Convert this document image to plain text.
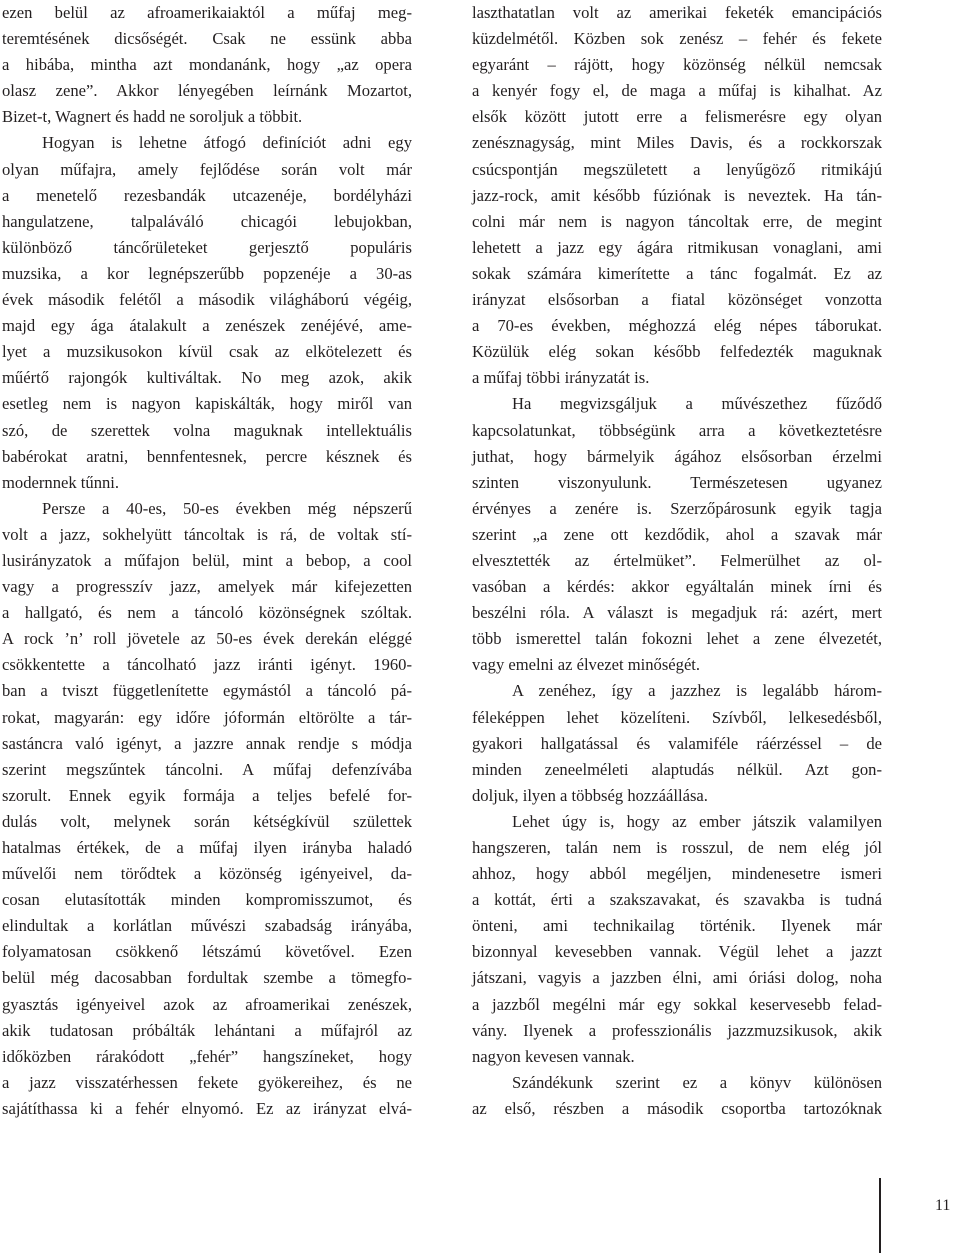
ezen belül az afroamerikaiaktól a műfaj meg-
teremtésének dicsőségét. Csak ne essünk abba
a hibába, mintha azt mondanánk, hogy „az opera
olasz zene”. Akkor lényegében leírnánk Mozartot,
Bizet-t, Wagnert és hadd ne soroljuk a többit.
Hogyan is lehetne átfogó definíciót adni egy
olyan műfajra, amely fejlődése során volt már
a menetelő rezesbandák utcazenéje, bordélyházi
hangulatzene, talpaláváló chicagói lebujokban,
különböző táncőrületeket gerjesztő populáris
muzsika, a kor legnépszerűbb popzenéje a 30-as
évek második felétől a második világháború végéig,
majd egy ága átalakult a zenészek zenéjévé, ame-
lyet a muzsikusokon kívül csak az elkötelezett és
műértő rajongók kultiváltak. No meg azok, akik
esetleg nem is nagyon kapiskálták, hogy miről van
szó, de szerettek volna maguknak intellektuális
babérokat aratni, bennfentesnek, percre késznek és
modernnek tűnni.
Persze a 40-es, 50-es években még népszerű
volt a jazz, sokhelyütt táncoltak is rá, de voltak stí-
lusirányzatok a műfajon belül, mint a bebop, a cool
vagy a progresszív jazz, amelyek már kifejezetten
a hallgató, és nem a táncoló közönségnek szóltak.
A rock ’n’ roll jövetele az 50-es évek derekán eléggé
csökkentette a táncolható jazz iránti igényt. 1960-
ban a tviszt függetlenítette egymástól a táncoló pá-
rokat, magyarán: egy időre jóformán eltörölte a tár-
sastáncra való igényt, a jazzre annak rendje s módja
szerint megszűntek táncolni. A műfaj defenzívába
szorult. Ennek egyik formája a teljes befelé for-
dulás volt, melynek során kétségkívül születtek
hatalmas értékek, de a műfaj ilyen irányba haladó
művelői nem törődtek a közönség igényeivel, da-
cosan elutasították minden kompromisszumot, és
elindultak a korlátlan művészi szabadság irányába,
folyamatosan csökkenő létszámú követővel. Ezen
belül még dacosabban fordultak szembe a tömegfo-
gyasztás igényeivel azok az afroamerikai zenészek,
akik tudatosan próbálták lehántani a műfajról az
időközben rárakódott „fehér” hangszíneket, hogy
a jazz visszatérhessen fekete gyökereihez, és ne
sajátíthassa ki a fehér elnyomó. Ez az irányzat elvá-
laszthatatlan volt az amerikai feketék emancipációs
küzdelmétől. Közben sok zenész – fehér és fekete
egyaránt – rájött, hogy közönség nélkül nemcsak
a kenyér fogy el, de maga a műfaj is kihalhat. Az
elsők között jutott erre a felismerésre egy olyan
zenésznagyság, mint Miles Davis, és a rockkorszak
csúcspontján megszületett a lenyűgöző ritmikájú
jazz-rock, amit később fúziónak is neveztek. Ha tán-
colni már nem is nagyon táncoltak erre, de megint
lehetett a jazz egy ágára ritmikusan vonaglani, ami
sokak számára kimerítette a tánc fogalmát. Ez az
irányzat elsősorban a fiatal közönséget vonzotta
a 70-es években, méghozzá elég népes táborukat.
Közülük elég sokan később felfedezték maguknak
a műfaj többi irányzatát is.
Ha megvizsgáljuk a művészethez fűződő
kapcsolatunkat, többségünk arra a következtetésre
juthat, hogy bármelyik ágához elsősorban érzelmi
szinten viszonyulunk. Természetesen ugyanez
érvényes a zenére is. Szerzőpárosunk egyik tagja
szerint „a zene ott kezdődik, ahol a szavak már
elvesztették az értelmüket”. Felmerülhet az ol-
vasóban a kérdés: akkor egyáltalán minek írni és
beszélni róla. A választ is megadjuk rá: azért, mert
több ismerettel talán fokozni lehet a zene élvezetét,
vagy emelni az élvezet minőségét.
A zenéhez, így a jazzhez is legalább három-
féleképpen lehet közelíteni. Szívből, lelkesedésből,
gyakori hallgatással és valamiféle ráérzéssel – de
minden zeneelméleti alaptudás nélkül. Azt gon-
doljuk, ilyen a többség hozzáállása.
Lehet úgy is, hogy az ember játszik valamilyen
hangszeren, talán nem is rosszul, de nem elég jól
ahhoz, hogy abból megéljen, mindenesetre ismeri
a kottát, érti a szakszavakat, és szavakba is tudná
önteni, ami technikailag történik. Ilyenek már
bizonnyal kevesebben vannak. Végül lehet a jazzt
játszani, vagyis a jazzben élni, ami óriási dolog, noha
a jazzből megélni már egy sokkal keservesebb felad-
vány. Ilyenek a professzionális jazzmuzsikusok, akik
nagyon kevesen vannak.
Szándékunk szerint ez a könyv különösen
az első, részben a második csoportba tartozóknak
11
